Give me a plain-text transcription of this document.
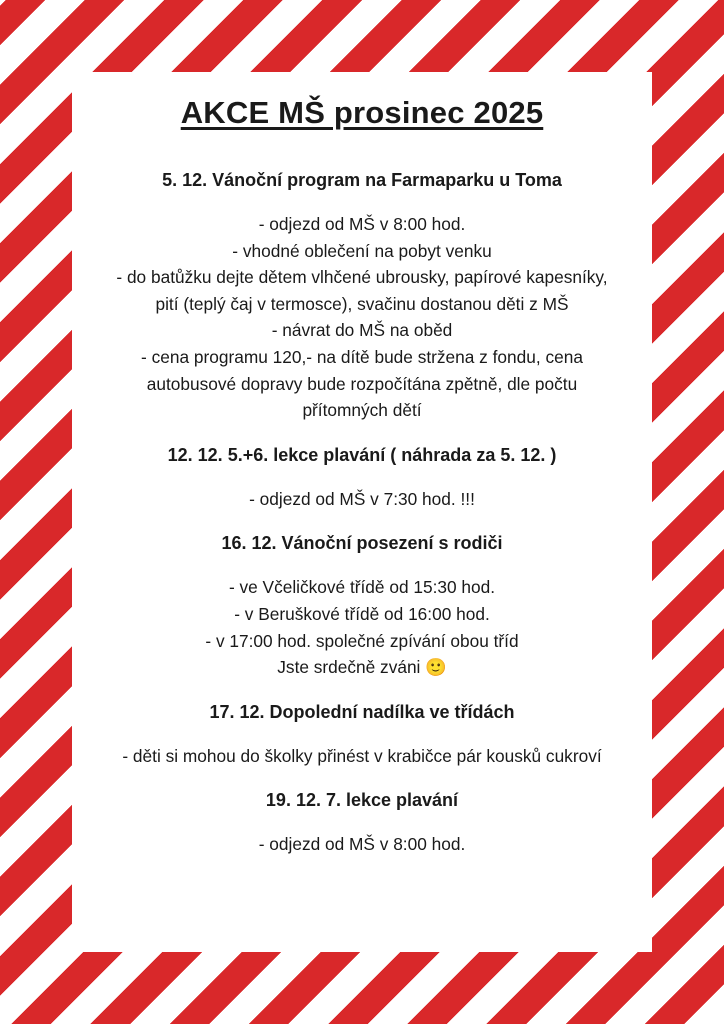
AKCE MŠ prosinec 2025
5. 12. Vánoční program na Farmaparku u Toma
- odjezd od MŠ v 8:00 hod.
- vhodné oblečení na pobyt venku
- do batůžku dejte dětem vlhčené ubrousky, papírové kapesníky,
pití (teplý čaj v termosce), svačinu dostanou děti z MŠ
- návrat do MŠ na oběd
- cena programu 120,- na dítě bude stržena z fondu, cena
autobusové dopravy bude rozpočítána zpětně, dle počtu
přítomných dětí
12. 12. 5.+6. lekce plavání ( náhrada za 5. 12. )
- odjezd od MŠ v 7:30 hod. !!!
16. 12. Vánoční posezení s rodiči
- ve Včeličkové třídě od 15:30 hod.
- v Beruškové třídě od 16:00 hod.
- v 17:00 hod. společné zpívání obou tříd
Jste srdečně zváni 🙂
17. 12. Dopolední nadílka ve třídách
- děti si mohou do školky přinést v krabičce pár kousků cukroví
19. 12. 7. lekce plavání
- odjezd od MŠ v 8:00 hod.
